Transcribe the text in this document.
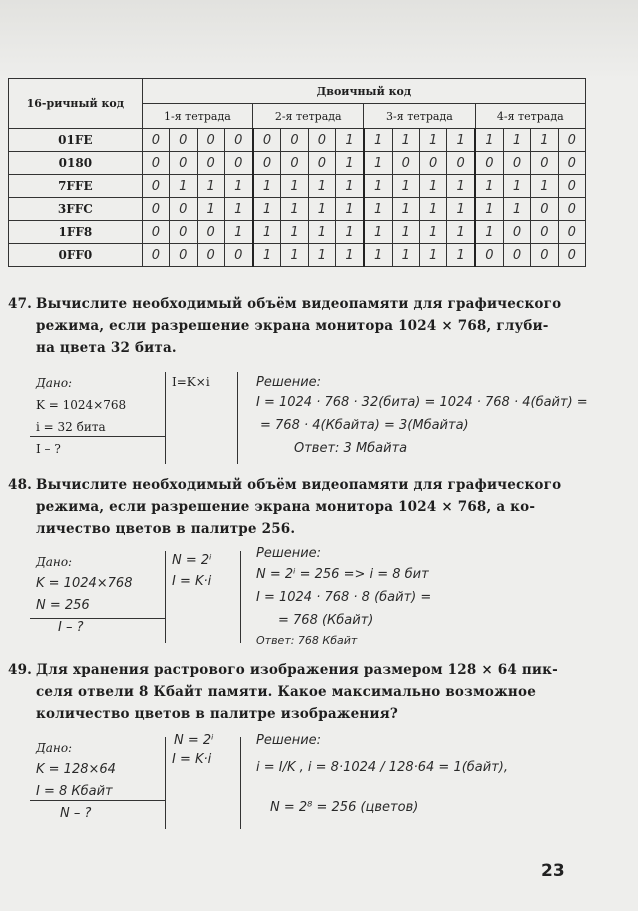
16-ричный код	Двоичный код															
	1-я тетрада				2-я тетрада				3-я тетрада				4-я тетрада			
01FE	0	0	0	0	0	0	0	1	1	1	1	1	1	1	1	0
0180	0	0	0	0	0	0	0	1	1	0	0	0	0	0	0	0
7FFE	0	1	1	1	1	1	1	1	1	1	1	1	1	1	1	0
3FFC	0	0	1	1	1	1	1	1	1	1	1	1	1	1	0	0
1FF8	0	0	0	1	1	1	1	1	1	1	1	1	1	0	0	0
0FF0	0	0	0	0	1	1	1	1	1	1	1	1	0	0	0	0
47. Вычислите необходимый объём видеопамяти для графического
режима, если разрешение экрана монитора 1024 × 768, глуби-
на цвета 32 бита.
Дано:
K = 1024×768
i = 32 бита
I – ?
I=K×i	Решение:
I = 1024 · 768 · 32(бита) = 1024 · 768 · 4(байт) =
= 768 · 4(Кбайта) = 3(Мбайта)
Ответ: 3 Мбайта
48. Вычислите необходимый объём видеопамяти для графического
режима, если разрешение экрана монитора 1024 × 768, а ко-
личество цветов в палитре 256.
Дано:
K = 1024×768
N = 256
I – ?
N = 2ⁱ
I = K·i
Решение:
N = 2ⁱ = 256 => i = 8 бит
I = 1024 · 768 · 8 (байт) =
= 768 (Кбайт)
Ответ: 768 Кбайт
49. Для хранения растрового изображения размером 128 × 64 пик-
селя отвели 8 Кбайт памяти. Какое максимально возможное
количество цветов в палитре изображения?
Дано:
K = 128×64
I = 8 Кбайт
N – ?
N = 2ⁱ
I = K·i
Решение:
i = I/K , i = 8·1024 / 128·64 = 1(байт),
N = 2⁸ = 256 (цветов)
23
